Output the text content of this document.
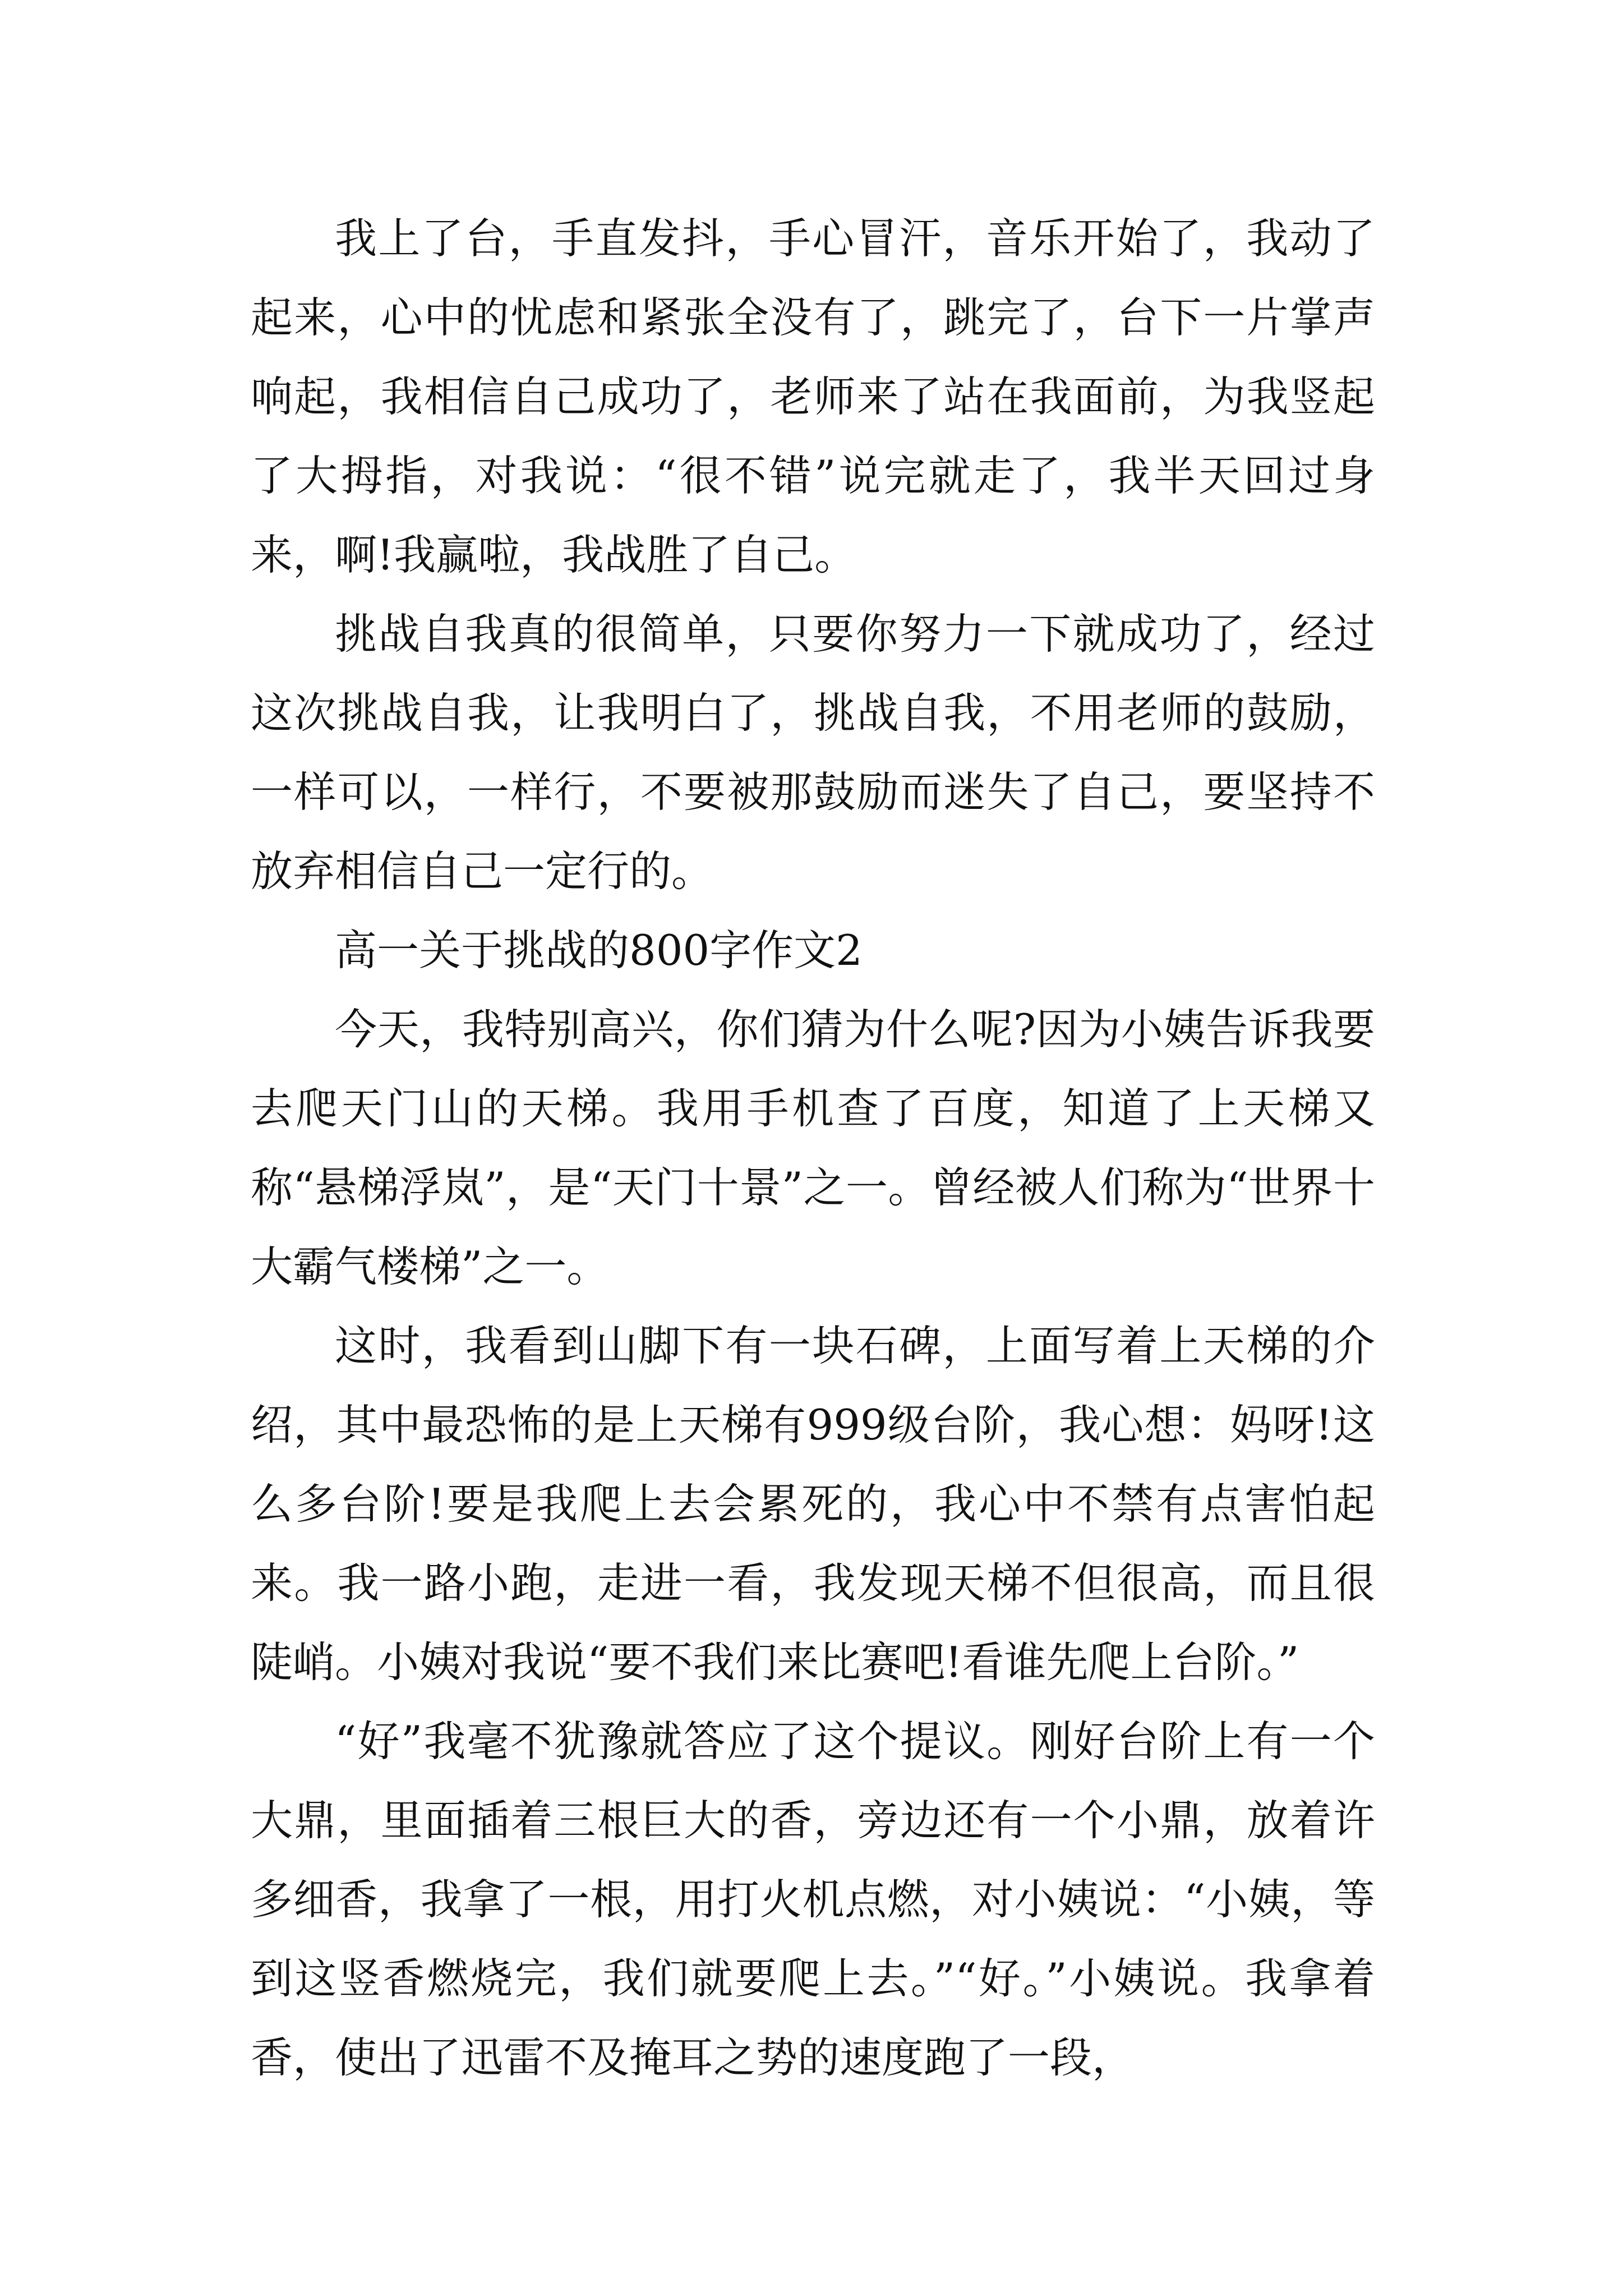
我上了台，手直发抖，手心冒汗，音乐开始了，我动了起来，心中的忧虑和紧张全没有了，跳完了，台下一片掌声响起，我相信自己成功了，老师来了站在我面前，为我竖起了大拇指，对我说：“很不错”说完就走了，我半天回过身来，啊!我赢啦，我战胜了自己。

挑战自我真的很简单，只要你努力一下就成功了，经过这次挑战自我，让我明白了，挑战自我，不用老师的鼓励，一样可以，一样行，不要被那鼓励而迷失了自己，要坚持不放弃相信自己一定行的。

高一关于挑战的800字作文2

今天，我特别高兴，你们猜为什么呢?因为小姨告诉我要去爬天门山的天梯。我用手机查了百度，知道了上天梯又称“悬梯浮岚”，是“天门十景”之一。曾经被人们称为“世界十大霸气楼梯”之一。

这时，我看到山脚下有一块石碑，上面写着上天梯的介绍，其中最恐怖的是上天梯有999级台阶，我心想：妈呀!这么多台阶!要是我爬上去会累死的，我心中不禁有点害怕起来。我一路小跑，走进一看，我发现天梯不但很高，而且很陡峭。小姨对我说“要不我们来比赛吧!看谁先爬上台阶。”

“好”我毫不犹豫就答应了这个提议。刚好台阶上有一个大鼎，里面插着三根巨大的香，旁边还有一个小鼎，放着许多细香，我拿了一根，用打火机点燃，对小姨说：“小姨，等到这竖香燃烧完，我们就要爬上去。”“好。”小姨说。我拿着香，使出了迅雷不及掩耳之势的速度跑了一段，
